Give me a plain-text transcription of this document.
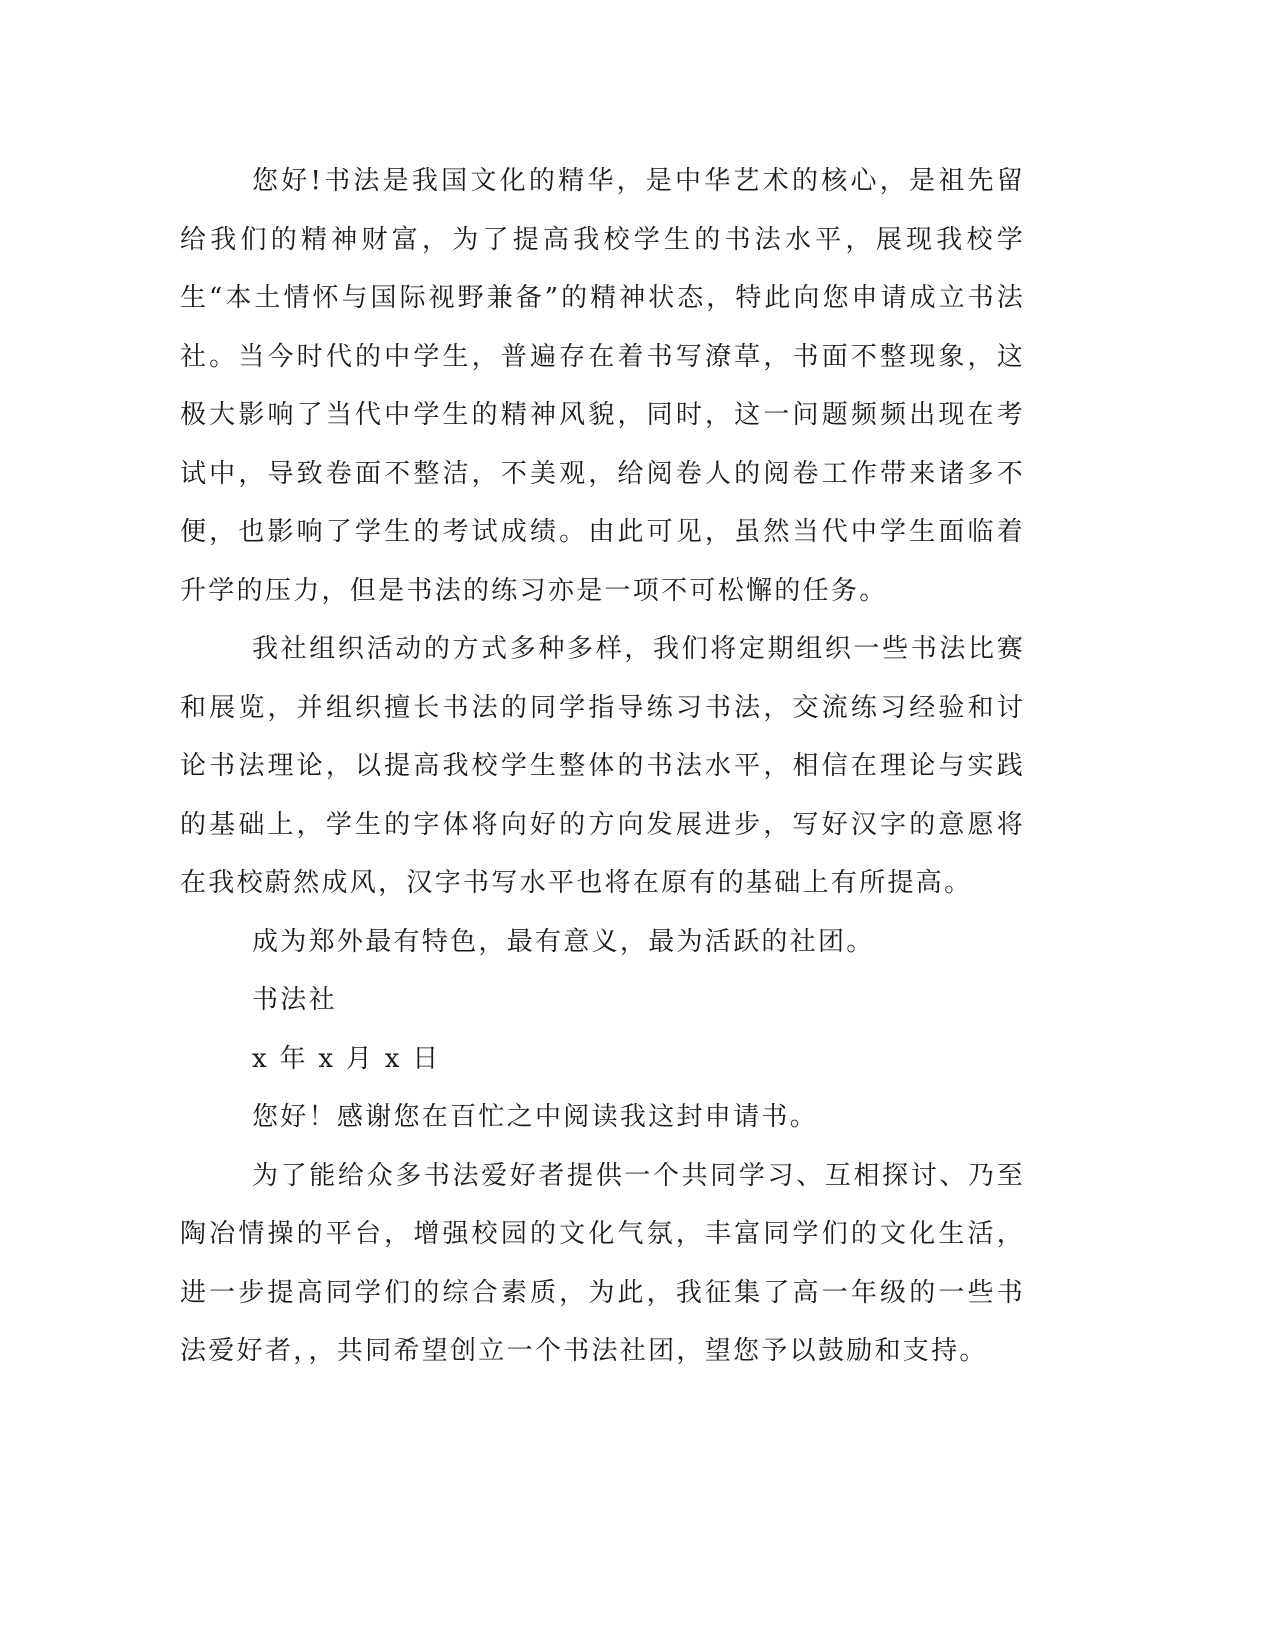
您好!书法是我国文化的精华，是中华艺术的核心，是祖先留给我们的精神财富，为了提高我校学生的书法水平，展现我校学生“本土情怀与国际视野兼备”的精神状态，特此向您申请成立书法社。当今时代的中学生，普遍存在着书写潦草，书面不整现象，这极大影响了当代中学生的精神风貌，同时，这一问题频频出现在考试中，导致卷面不整洁，不美观，给阅卷人的阅卷工作带来诸多不便，也影响了学生的考试成绩。由此可见，虽然当代中学生面临着升学的压力，但是书法的练习亦是一项不可松懈的任务。

我社组织活动的方式多种多样，我们将定期组织一些书法比赛和展览，并组织擅长书法的同学指导练习书法，交流练习经验和讨论书法理论，以提高我校学生整体的书法水平，相信在理论与实践的基础上，学生的字体将向好的方向发展进步，写好汉字的意愿将在我校蔚然成风，汉字书写水平也将在原有的基础上有所提高。

成为郑外最有特色，最有意义，最为活跃的社团。

书法社

x 年 x 月 x 日

您好！感谢您在百忙之中阅读我这封申请书。

为了能给众多书法爱好者提供一个共同学习、互相探讨、乃至陶冶情操的平台，增强校园的文化气氛，丰富同学们的文化生活，进一步提高同学们的综合素质，为此，我征集了高一年级的一些书法爱好者，，共同希望创立一个书法社团，望您予以鼓励和支持。
